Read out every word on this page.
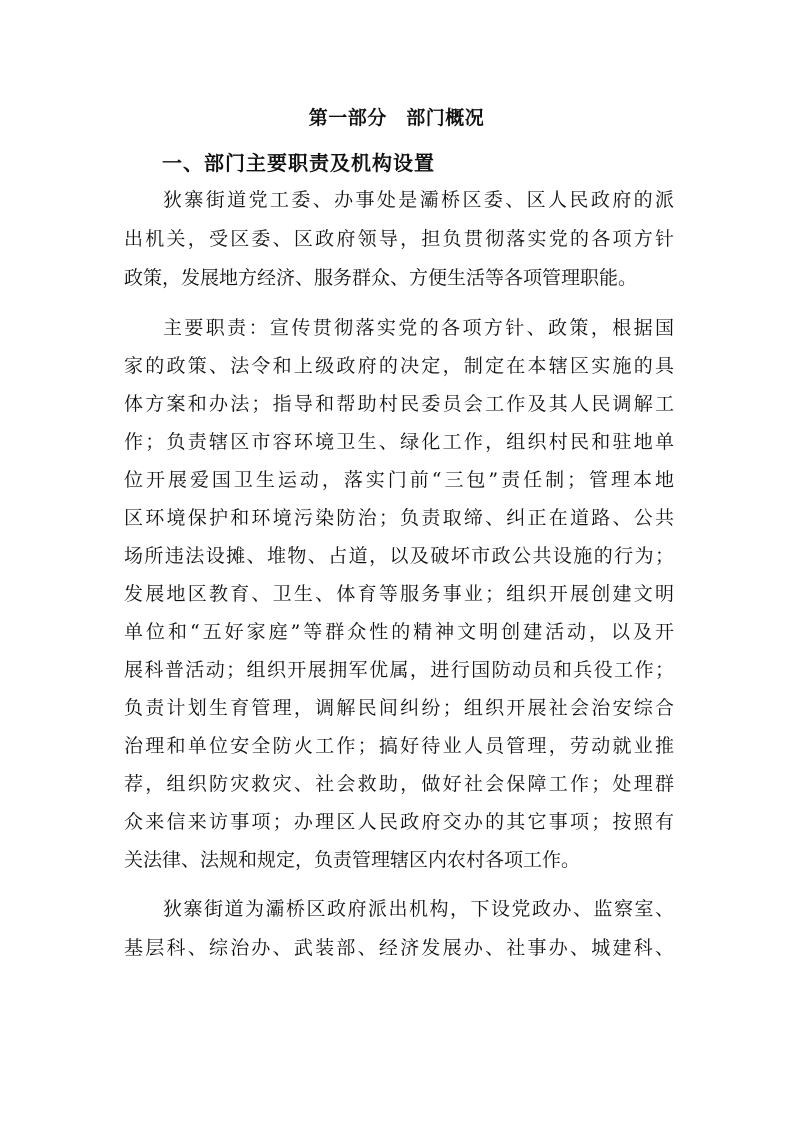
第一部分　部门概况
一、部门主要职责及机构设置
狄寨街道党工委、办事处是灞桥区委、区人民政府的派
出机关，受区委、区政府领导，担负贯彻落实党的各项方针
政策，发展地方经济、服务群众、方便生活等各项管理职能。
主要职责：宣传贯彻落实党的各项方针、政策，根据国
家的政策、法令和上级政府的决定，制定在本辖区实施的具
体方案和办法；指导和帮助村民委员会工作及其人民调解工
作；负责辖区市容环境卫生、绿化工作，组织村民和驻地单
位开展爱国卫生运动，落实门前“三包”责任制；管理本地
区环境保护和环境污染防治；负责取缔、纠正在道路、公共
场所违法设摊、堆物、占道，以及破坏市政公共设施的行为；
发展地区教育、卫生、体育等服务事业；组织开展创建文明
单位和“五好家庭”等群众性的精神文明创建活动，以及开
展科普活动；组织开展拥军优属，进行国防动员和兵役工作；
负责计划生育管理，调解民间纠纷；组织开展社会治安综合
治理和单位安全防火工作；搞好待业人员管理，劳动就业推
荐，组织防灾救灾、社会救助，做好社会保障工作；处理群
众来信来访事项；办理区人民政府交办的其它事项；按照有
关法律、法规和规定，负责管理辖区内农村各项工作。
狄寨街道为灞桥区政府派出机构，下设党政办、监察室、
基层科、综治办、武装部、经济发展办、社事办、城建科、
